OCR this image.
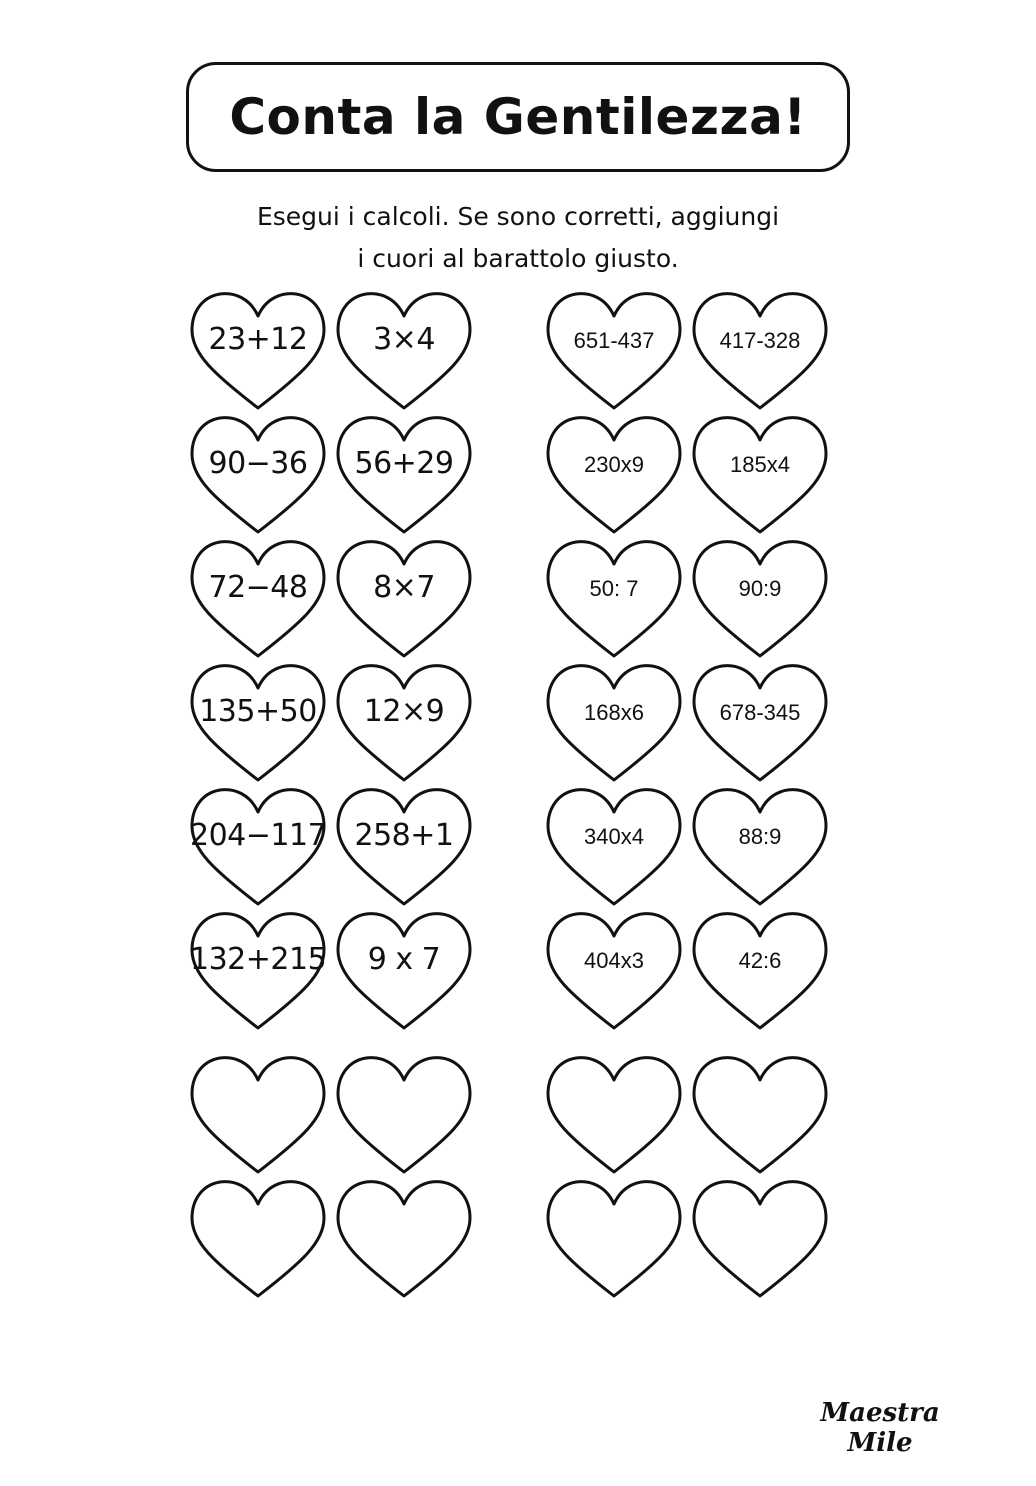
Conta la Gentilezza!
Esegui i calcoli. Se sono corretti, aggiungi
i cuori al barattolo giusto.
23+12	3×4
90−36	56+29
72−48	8×7
135+50	12×9
204−117 258+1
132+215	9 x 7
651-437	417-328
230x9	185x4
50: 7	90:9
168x6	678-345
340x4	88:9
404x3	42:6
Maestra Mile
